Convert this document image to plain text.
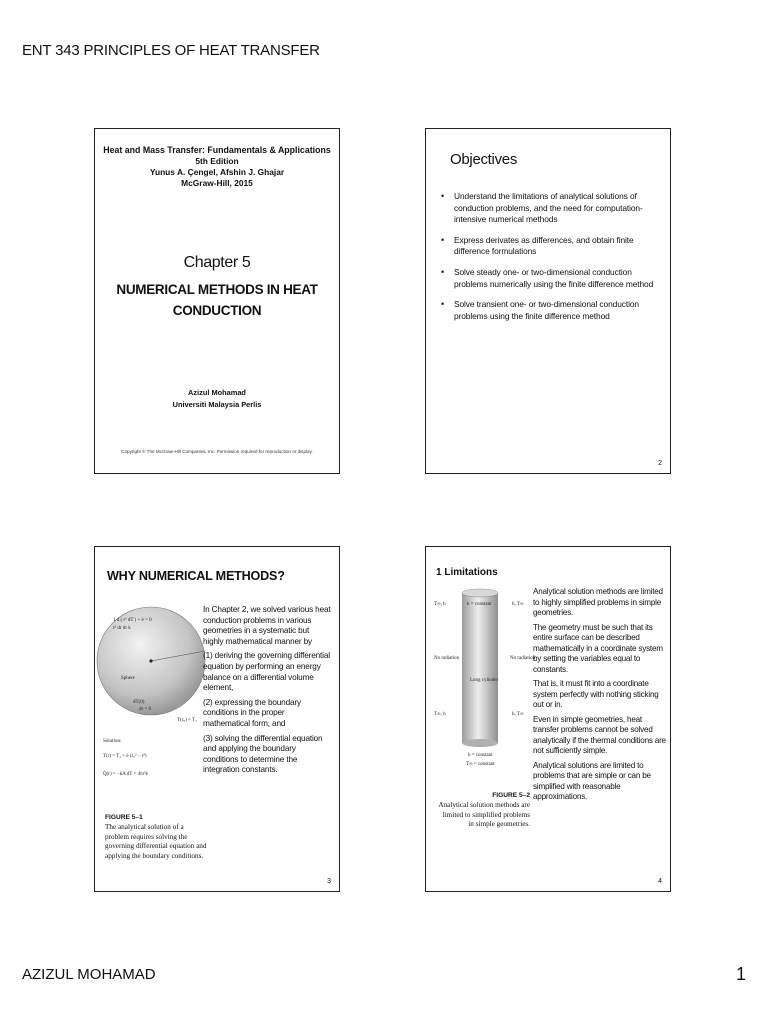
ENT 343 PRINCIPLES OF HEAT TRANSFER
Heat and Mass Transfer: Fundamentals & Applications
5th Edition
Yunus A. Çengel, Afshin J. Ghajar
McGraw-Hill, 2015
Chapter 5
NUMERICAL METHODS IN HEAT CONDUCTION
Azizul Mohamad
Universiti Malaysia Perlis
Copyright © The McGraw-Hill Companies, Inc. Permission required for reproduction or display.
Objectives
• Understand the limitations of analytical solutions of conduction problems, and the need for computation-intensive numerical methods
• Express derivates as differences, and obtain finite difference formulations
• Solve steady one- or two-dimensional conduction problems numerically using the finite difference method
• Solve transient one- or two-dimensional conduction problems using the finite difference method
2
WHY NUMERICAL METHODS?
1 d ( r² dT ) + ė = 0
r² dr dr k
Sphere
dT(0)
dr = 0
T(r₀) = T₁
Solution:
T(r) = T₁ + ė (r₀² − r²)
Q̇(r) = −kA dT = 4πr³ė
FIGURE 5–1
The analytical solution of a problem requires solving the governing differential equation and applying the boundary conditions.

In Chapter 2, we solved various heat conduction problems in various geometries in a systematic but highly mathematical manner by

(1) deriving the governing differential equation by performing an energy balance on a differential volume element,

(2) expressing the boundary conditions in the proper mathematical form, and

(3) solving the differential equation and applying the boundary conditions to determine the integration constants.

3
1 Limitations
T∞, h	k = constant	h, T∞
No radiation	No radiation
Long cylinder
T∞, h	h, T∞
h = constant
T∞ = constant
FIGURE 5–2
Analytical solution methods are limited to simplified problems in simple geometries.

Analytical solution methods are limited to highly simplified problems in simple geometries.

The geometry must be such that its entire surface can be described mathematically in a coordinate system by setting the variables equal to constants.

That is, it must fit into a coordinate system perfectly with nothing sticking out or in.

Even in simple geometries, heat transfer problems cannot be solved analytically if the thermal conditions are not sufficiently simple.

Analytical solutions are limited to problems that are simple or can be simplified with reasonable approximations.

4
AZIZUL MOHAMAD	1
